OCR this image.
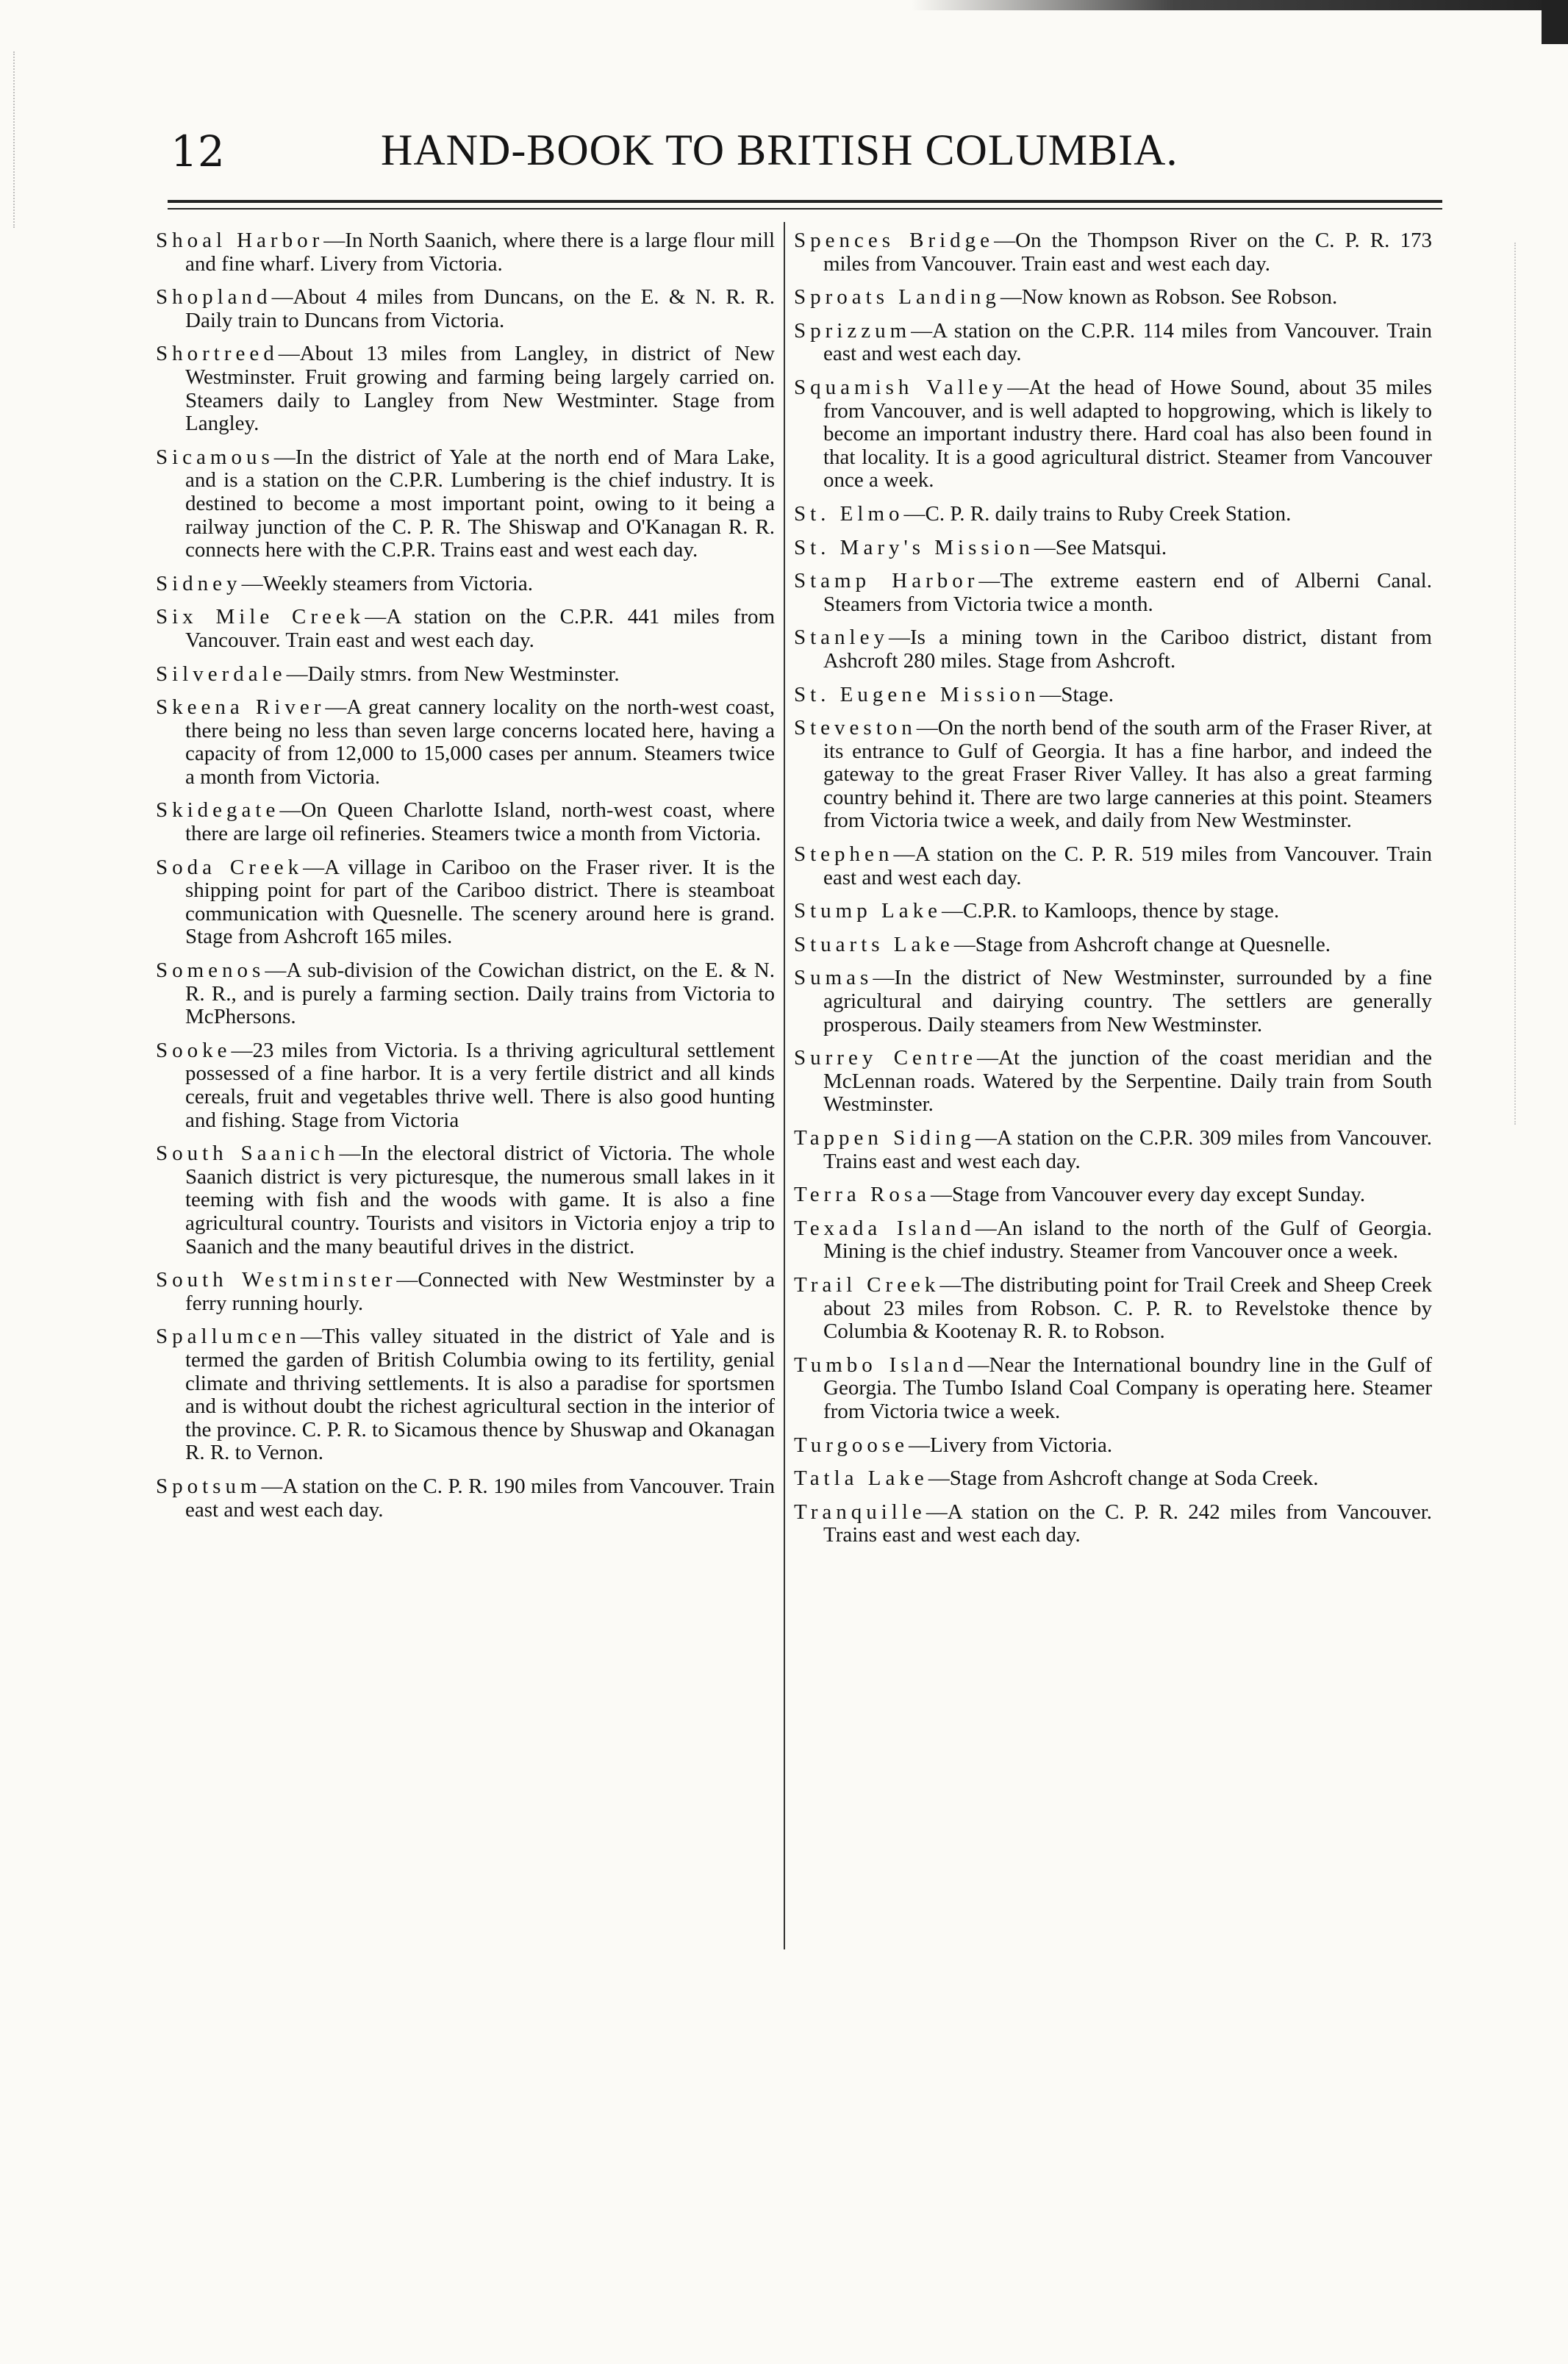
12	HAND-BOOK TO BRITISH COLUMBIA.

Shoal Harbor—In North Saanich, where there is a large flour mill and fine wharf. Livery from Victoria.

Shopland—About 4 miles from Duncans, on the E. & N. R. R. Daily train to Duncans from Victoria.

Shortreed—About 13 miles from Langley, in district of New Westminster. Fruit growing and farming being largely carried on. Steamers daily to Langley from New Westminter. Stage from Langley.

Sicamous—In the district of Yale at the north end of Mara Lake, and is a station on the C.P.R. Lumbering is the chief industry. It is destined to become a most important point, owing to it being a railway junction of the C. P. R. The Shiswap and O'Kanagan R. R. connects here with the C.P.R. Trains east and west each day.

Sidney—Weekly steamers from Victoria.

Six Mile Creek—A station on the C.P.R. 441 miles from Vancouver. Train east and west each day.

Silverdale—Daily stmrs. from New Westminster.

Skeena River—A great cannery locality on the north-west coast, there being no less than seven large concerns located here, having a capacity of from 12,000 to 15,000 cases per annum. Steamers twice a month from Victoria.

Skidegate—On Queen Charlotte Island, north-west coast, where there are large oil refineries. Steamers twice a month from Victoria.

Soda Creek—A village in Cariboo on the Fraser river. It is the shipping point for part of the Cariboo district. There is steamboat communication with Quesnelle. The scenery around here is grand. Stage from Ashcroft 165 miles.

Somenos—A sub-division of the Cowichan district, on the E. & N. R. R., and is purely a farming section. Daily trains from Victoria to McPhersons.

Sooke—23 miles from Victoria. Is a thriving agricultural settlement possessed of a fine harbor. It is a very fertile district and all kinds cereals, fruit and vegetables thrive well. There is also good hunting and fishing. Stage from Victoria

South Saanich—In the electoral district of Victoria. The whole Saanich district is very picturesque, the numerous small lakes in it teeming with fish and the woods with game. It is also a fine agricultural country. Tourists and visitors in Victoria enjoy a trip to Saanich and the many beautiful drives in the district.

South Westminster—Connected with New Westminster by a ferry running hourly.

Spallumcen—This valley situated in the district of Yale and is termed the garden of British Columbia owing to its fertility, genial climate and thriving settlements. It is also a paradise for sportsmen and is without doubt the richest agricultural section in the interior of the province. C. P. R. to Sicamous thence by Shuswap and Okanagan R. R. to Vernon.

Spotsum—A station on the C. P. R. 190 miles from Vancouver. Train east and west each day.

Spences Bridge—On the Thompson River on the C. P. R. 173 miles from Vancouver. Train east and west each day.

Sproats Landing—Now known as Robson. See Robson.

Sprizzum—A station on the C.P.R. 114 miles from Vancouver. Train east and west each day.

Squamish Valley—At the head of Howe Sound, about 35 miles from Vancouver, and is well adapted to hopgrowing, which is likely to become an important industry there. Hard coal has also been found in that locality. It is a good agricultural district. Steamer from Vancouver once a week.

St. Elmo—C. P. R. daily trains to Ruby Creek Station.

St. Mary's Mission—See Matsqui.

Stamp Harbor—The extreme eastern end of Alberni Canal. Steamers from Victoria twice a month.

Stanley—Is a mining town in the Cariboo district, distant from Ashcroft 280 miles. Stage from Ashcroft.

St. Eugene Mission—Stage.

Steveston—On the north bend of the south arm of the Fraser River, at its entrance to Gulf of Georgia. It has a fine harbor, and indeed the gateway to the great Fraser River Valley. It has also a great farming country behind it. There are two large canneries at this point. Steamers from Victoria twice a week, and daily from New Westminster.

Stephen—A station on the C. P. R. 519 miles from Vancouver. Train east and west each day.

Stump Lake—C.P.R. to Kamloops, thence by stage.

Stuarts Lake—Stage from Ashcroft change at Quesnelle.

Sumas—In the district of New Westminster, surrounded by a fine agricultural and dairying country. The settlers are generally prosperous. Daily steamers from New Westminster.

Surrey Centre—At the junction of the coast meridian and the McLennan roads. Watered by the Serpentine. Daily train from South Westminster.

Tappen Siding—A station on the C.P.R. 309 miles from Vancouver. Trains east and west each day.

Terra Rosa—Stage from Vancouver every day except Sunday.

Texada Island—An island to the north of the Gulf of Georgia. Mining is the chief industry. Steamer from Vancouver once a week.

Trail Creek—The distributing point for Trail Creek and Sheep Creek about 23 miles from Robson. C. P. R. to Revelstoke thence by Columbia & Kootenay R. R. to Robson.

Tumbo Island—Near the International boundry line in the Gulf of Georgia. The Tumbo Island Coal Company is operating here. Steamer from Victoria twice a week.

Turgoose—Livery from Victoria.

Tatla Lake—Stage from Ashcroft change at Soda Creek.

Tranquille—A station on the C. P. R. 242 miles from Vancouver. Trains east and west each day.
